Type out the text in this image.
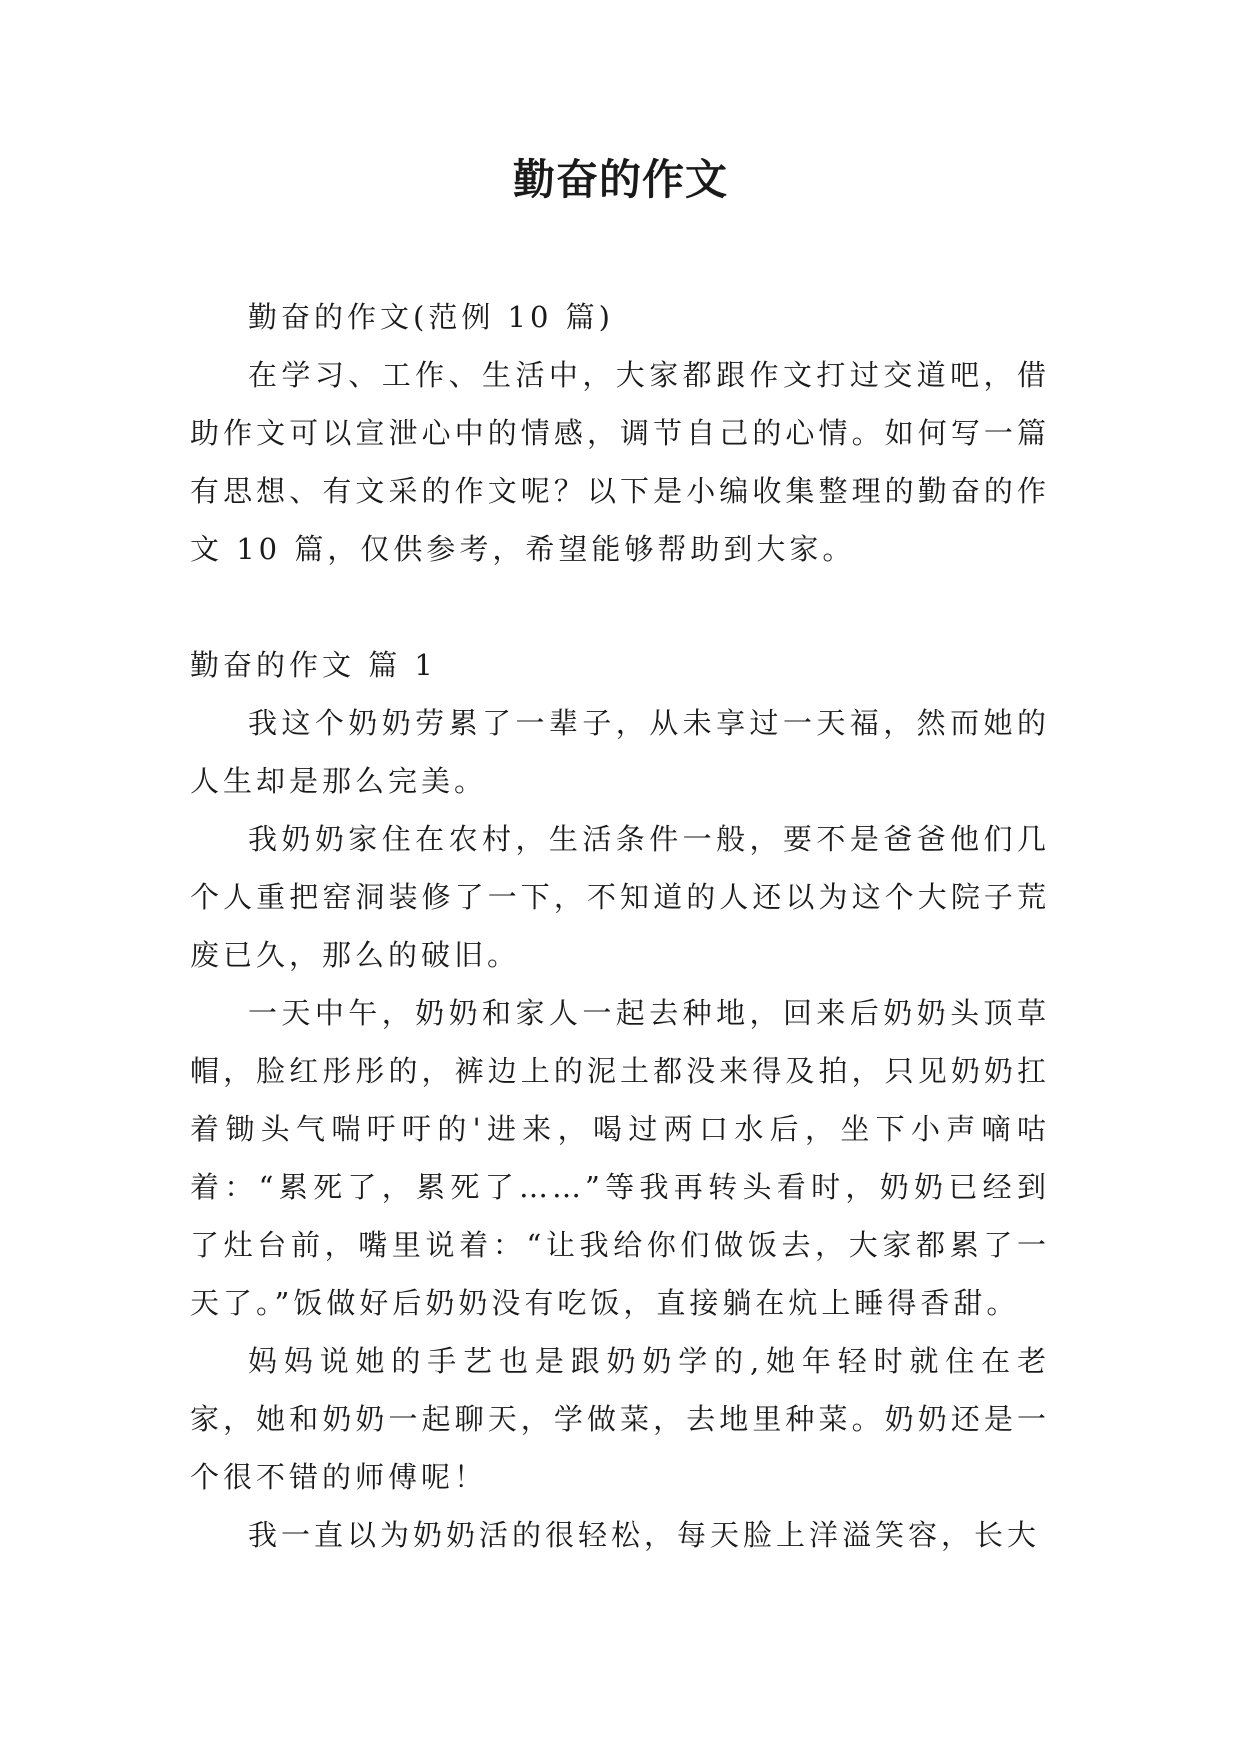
勤奋的作文

勤奋的作文(范例 10 篇)

在学习、工作、生活中，大家都跟作文打过交道吧，借助作文可以宣泄心中的情感，调节自己的心情。如何写一篇有思想、有文采的作文呢？以下是小编收集整理的勤奋的作文 10 篇，仅供参考，希望能够帮助到大家。

勤奋的作文 篇 1

我这个奶奶劳累了一辈子，从未享过一天福，然而她的人生却是那么完美。

我奶奶家住在农村，生活条件一般，要不是爸爸他们几个人重把窑洞装修了一下，不知道的人还以为这个大院子荒废已久，那么的破旧。

一天中午，奶奶和家人一起去种地，回来后奶奶头顶草帽，脸红彤彤的，裤边上的泥土都没来得及拍，只见奶奶扛着锄头气喘吁吁的'进来，喝过两口水后，坐下小声嘀咕着：“累死了，累死了……”等我再转头看时，奶奶已经到了灶台前，嘴里说着：“让我给你们做饭去，大家都累了一天了。”饭做好后奶奶没有吃饭，直接躺在炕上睡得香甜。

妈妈说她的手艺也是跟奶奶学的,她年轻时就住在老家，她和奶奶一起聊天，学做菜，去地里种菜。奶奶还是一个很不错的师傅呢！

我一直以为奶奶活的很轻松，每天脸上洋溢笑容，长大
